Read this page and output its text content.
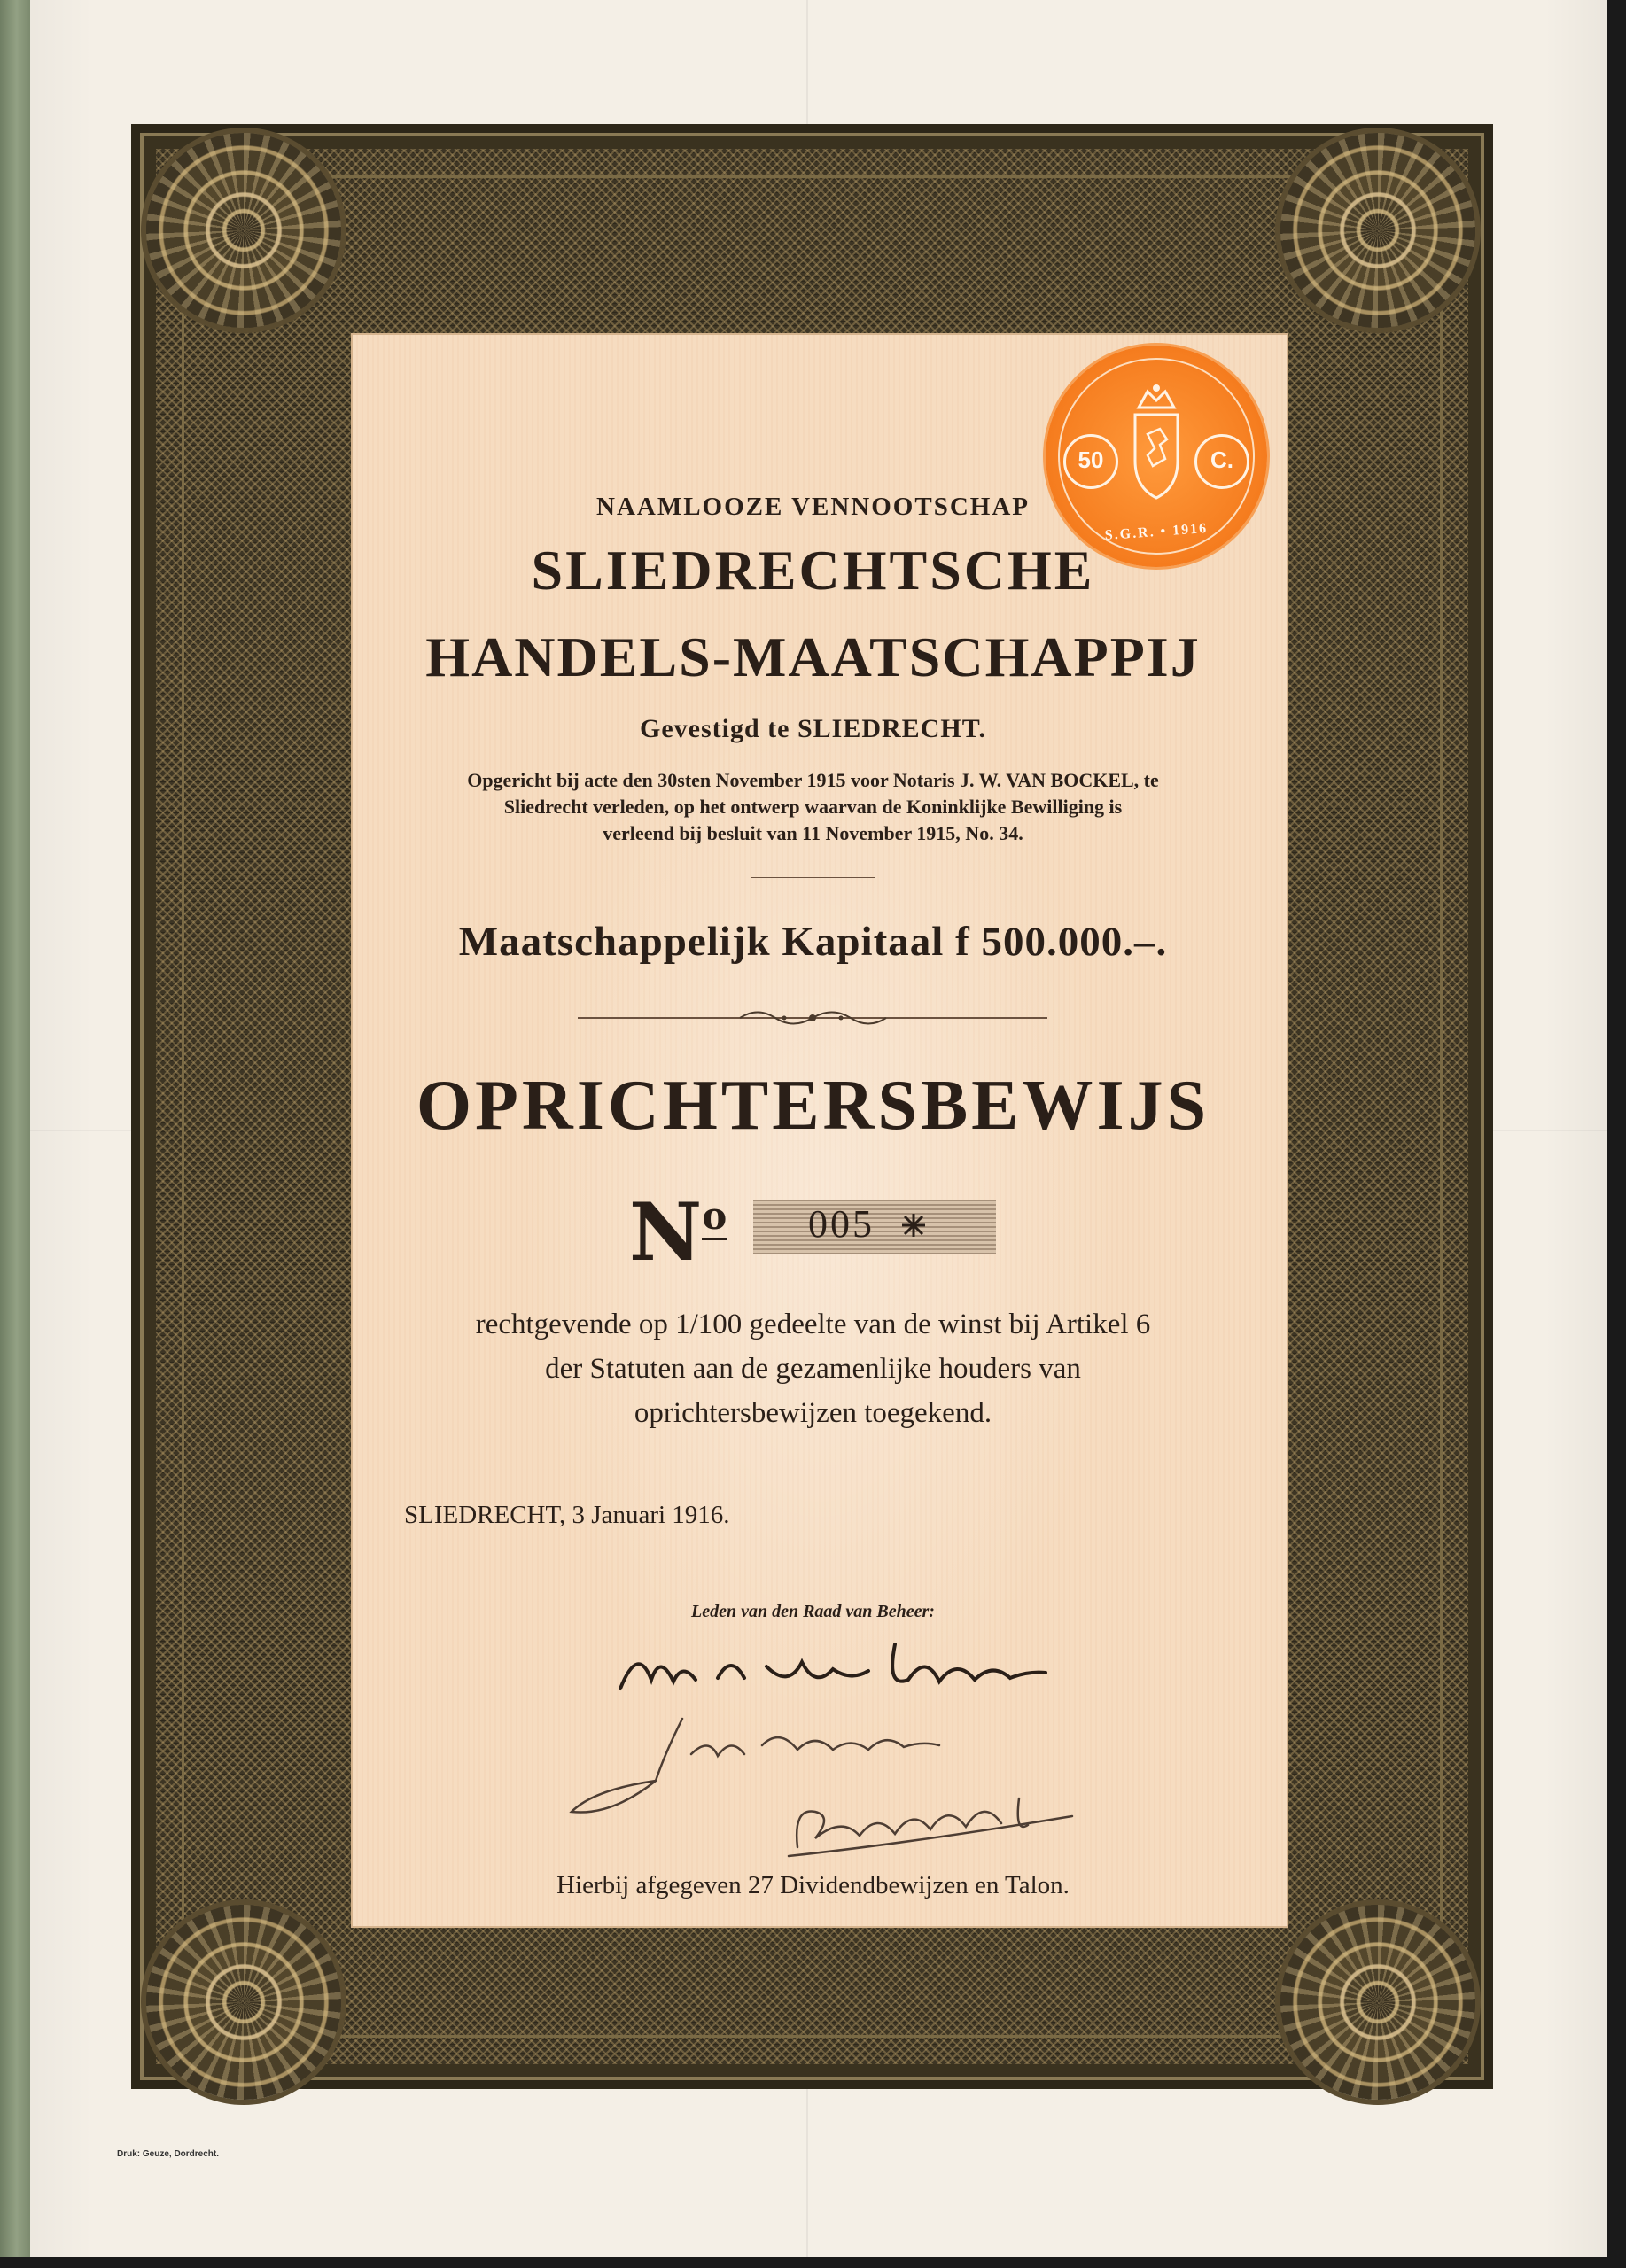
50	C.
S.G.R. • 1916
NAAMLOOZE VENNOOTSCHAP
SLIEDRECHTSCHE
HANDELS-MAATSCHAPPIJ
Gevestigd te SLIEDRECHT.
Opgericht bij acte den 30sten November 1915 voor Notaris J. W. VAN BOCKEL, te
Sliedrecht verleden, op het ontwerp waarvan de Koninklijke Bewilliging is
verleend bij besluit van 11 November 1915, No. 34.
Maatschappelijk Kapitaal f 500.000.–.
OPRICHTERSBEWIJS
$N^o$ 005
rechtgevende op 1/100 gedeelte van de winst bij Artikel 6
der Statuten aan de gezamenlijke houders van
oprichtersbewijzen toegekend.
SLIEDRECHT, 3 Januari 1916.
Leden van den Raad van Beheer:
Hierbij afgegeven 27 Dividendbewijzen en Talon.
Druk: Geuze, Dordrecht.
